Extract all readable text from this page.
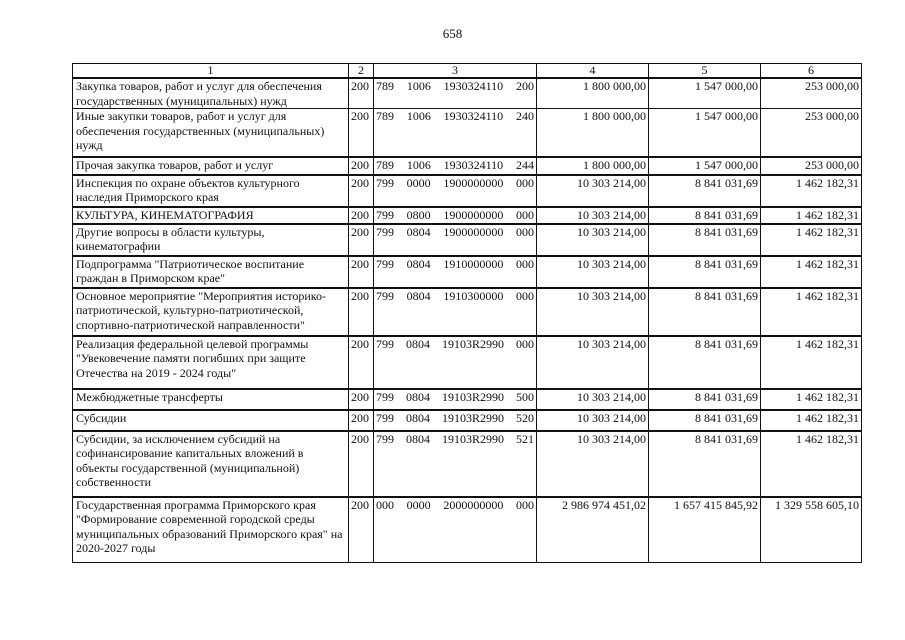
658
1	2	3	4	5	6
Закупка товаров, работ и услуг для обеспечения государственных (муниципальных) нужд	200	789 1006 1930324110 200	1 800 000,00	1 547 000,00	253 000,00
Иные закупки товаров, работ и услуг для обеспечения государственных (муниципальных) нужд	200	789 1006 1930324110 240	1 800 000,00	1 547 000,00	253 000,00
Прочая закупка товаров, работ и услуг	200	789 1006 1930324110 244	1 800 000,00	1 547 000,00	253 000,00
Инспекция по охране объектов культурного наследия Приморского края	200	799 0000 1900000000 000	10 303 214,00	8 841 031,69	1 462 182,31
КУЛЬТУРА, КИНЕМАТОГРАФИЯ	200	799 0800 1900000000 000	10 303 214,00	8 841 031,69	1 462 182,31
Другие вопросы в области культуры, кинематографии	200	799 0804 1900000000 000	10 303 214,00	8 841 031,69	1 462 182,31
Подпрограмма "Патриотическое воспитание граждан в Приморском крае"	200	799 0804 1910000000 000	10 303 214,00	8 841 031,69	1 462 182,31
Основное мероприятие "Мероприятия историко-патриотической, культурно-патриотической, спортивно-патриотической направленности"	200	799 0804 1910300000 000	10 303 214,00	8 841 031,69	1 462 182,31
Реализация федеральной целевой программы "Увековечение памяти погибших при защите Отечества на 2019 - 2024 годы"	200	799 0804 19103R2990 000	10 303 214,00	8 841 031,69	1 462 182,31
Межбюджетные трансферты	200	799 0804 19103R2990 500	10 303 214,00	8 841 031,69	1 462 182,31
Субсидии	200	799 0804 19103R2990 520	10 303 214,00	8 841 031,69	1 462 182,31
Субсидии, за исключением субсидий на софинансирование капитальных вложений в объекты государственной (муниципальной) собственности	200	799 0804 19103R2990 521	10 303 214,00	8 841 031,69	1 462 182,31
Государственная программа Приморского края "Формирование современной городской среды муниципальных образований Приморского края" на 2020-2027 годы	200	000 0000 2000000000 000	2 986 974 451,02	1 657 415 845,92	1 329 558 605,10
